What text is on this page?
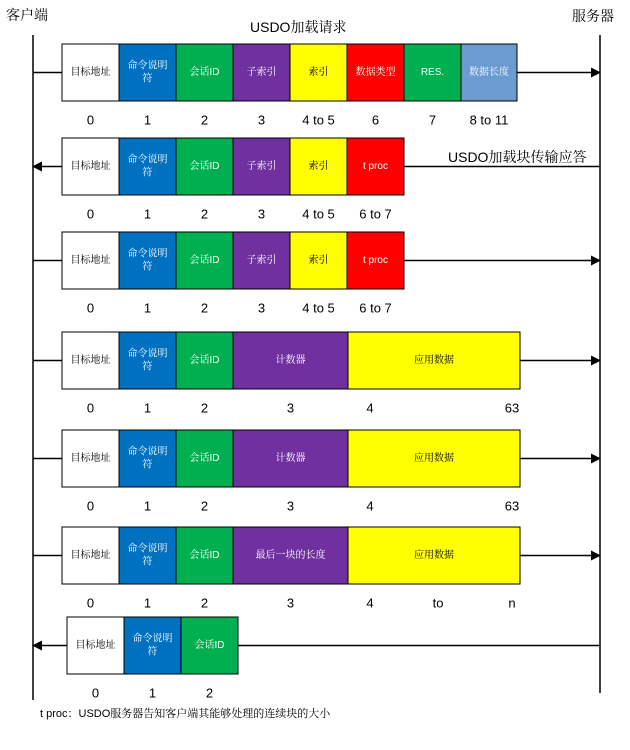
客户端	服务器
USDO加载请求
USDO加载块传输应答
t proc：USDO服务器告知客户端其能够处理的连续块的大小
目标地址
0
命令说明
符
1
会话ID
2
子索引
3
索引
4 to 5
数据类型
6
RES.
7
数据长度
8 to 11
目标地址
0
命令说明
符
1
会话ID
2
子索引
3
索引
4 to 5
t proc
6 to 7
目标地址
0
命令说明
符
1
会话ID
2
子索引
3
索引
4 to 5
t proc
6 to 7
目标地址
0
命令说明
符
1
会话ID
2
计数器
3
应用数据
4	63
目标地址
0
命令说明
符
1
会话ID
2
计数器
3
应用数据
4	63
目标地址
0
命令说明
符
1
会话ID
2
最后一块的长度
3
应用数据
4	to	n
目标地址
0
命令说明
符
1
会话ID
2
